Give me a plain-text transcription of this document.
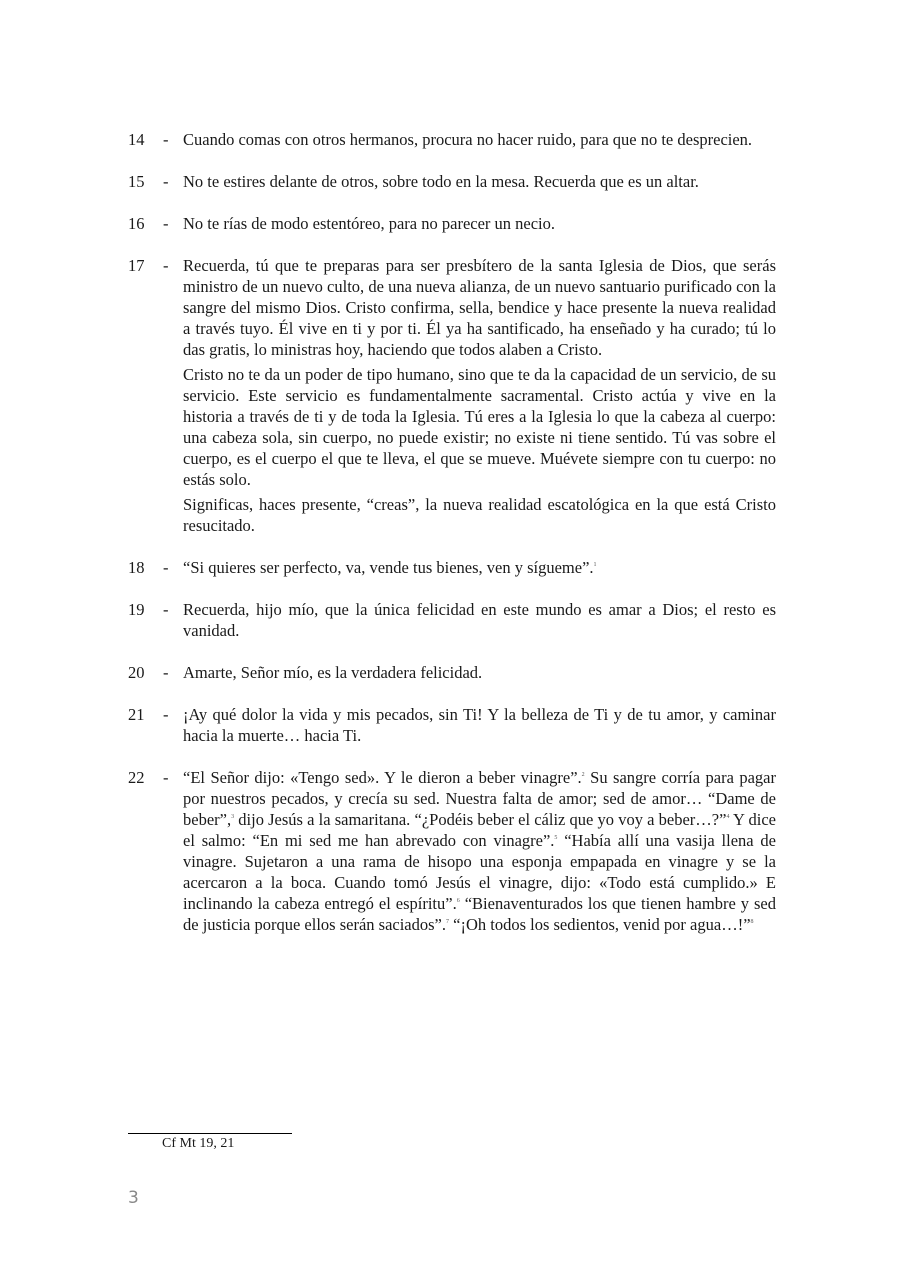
14 - Cuando comas con otros hermanos, procura no hacer ruido, para que no te desprecien.

15 - No te estires delante de otros, sobre todo en la mesa. Recuerda que es un altar.

16 - No te rías de modo estentóreo, para no parecer un necio.

17 - Recuerda, tú que te preparas para ser presbítero de la santa Iglesia de Dios, que serás ministro de un nuevo culto, de una nueva alianza, de un nuevo santuario purificado con la sangre del mismo Dios. Cristo confirma, sella, bendice y hace presente la nueva realidad a través tuyo. Él vive en ti y por ti. Él ya ha santificado, ha enseñado y ha curado; tú lo das gratis, lo ministras hoy, haciendo que todos alaben a Cristo.

Cristo no te da un poder de tipo humano, sino que te da la capacidad de un servicio, de su servicio. Este servicio es fundamentalmente sacramental. Cristo actúa y vive en la historia a través de ti y de toda la Iglesia. Tú eres a la Iglesia lo que la cabeza al cuerpo: una cabeza sola, sin cuerpo, no puede existir; no existe ni tiene sentido. Tú vas sobre el cuerpo, es el cuerpo el que te lleva, el que se mueve. Muévete siempre con tu cuerpo: no estás solo.

Significas, haces presente, “creas”, la nueva realidad escatológica en la que está Cristo resucitado.

18 - “Si quieres ser perfecto, va, vende tus bienes, ven y sígueme”.$^1$

19 - Recuerda, hijo mío, que la única felicidad en este mundo es amar a Dios; el resto es vanidad.

20 - Amarte, Señor mío, es la verdadera felicidad.

21 - ¡Ay qué dolor la vida y mis pecados, sin Ti! Y la belleza de Ti y de tu amor, y caminar hacia la muerte… hacia Ti.

22 - “El Señor dijo: «Tengo sed». Y le dieron a beber vinagre”.$^2$ Su sangre corría para pagar por nuestros pecados, y crecía su sed. Nuestra falta de amor; sed de amor… “Dame de beber”,$^3$ dijo Jesús a la samaritana. “¿Podéis beber el cáliz que yo voy a beber…?”$^4$ Y dice el salmo: “En mi sed me han abrevado con vinagre”.$^5$ “Había allí una vasija llena de vinagre. Sujetaron a una rama de hisopo una esponja empapada en vinagre y se la acercaron a la boca. Cuando tomó Jesús el vinagre, dijo: «Todo está cumplido.» E inclinando la cabeza entregó el espíritu”.$^6$ “Bienaventurados los que tienen hambre y sed de justicia porque ellos serán saciados”.$^7$ “¡Oh todos los sedientos, venid por agua…!”$^8$

Cf Mt 19, 21
3
